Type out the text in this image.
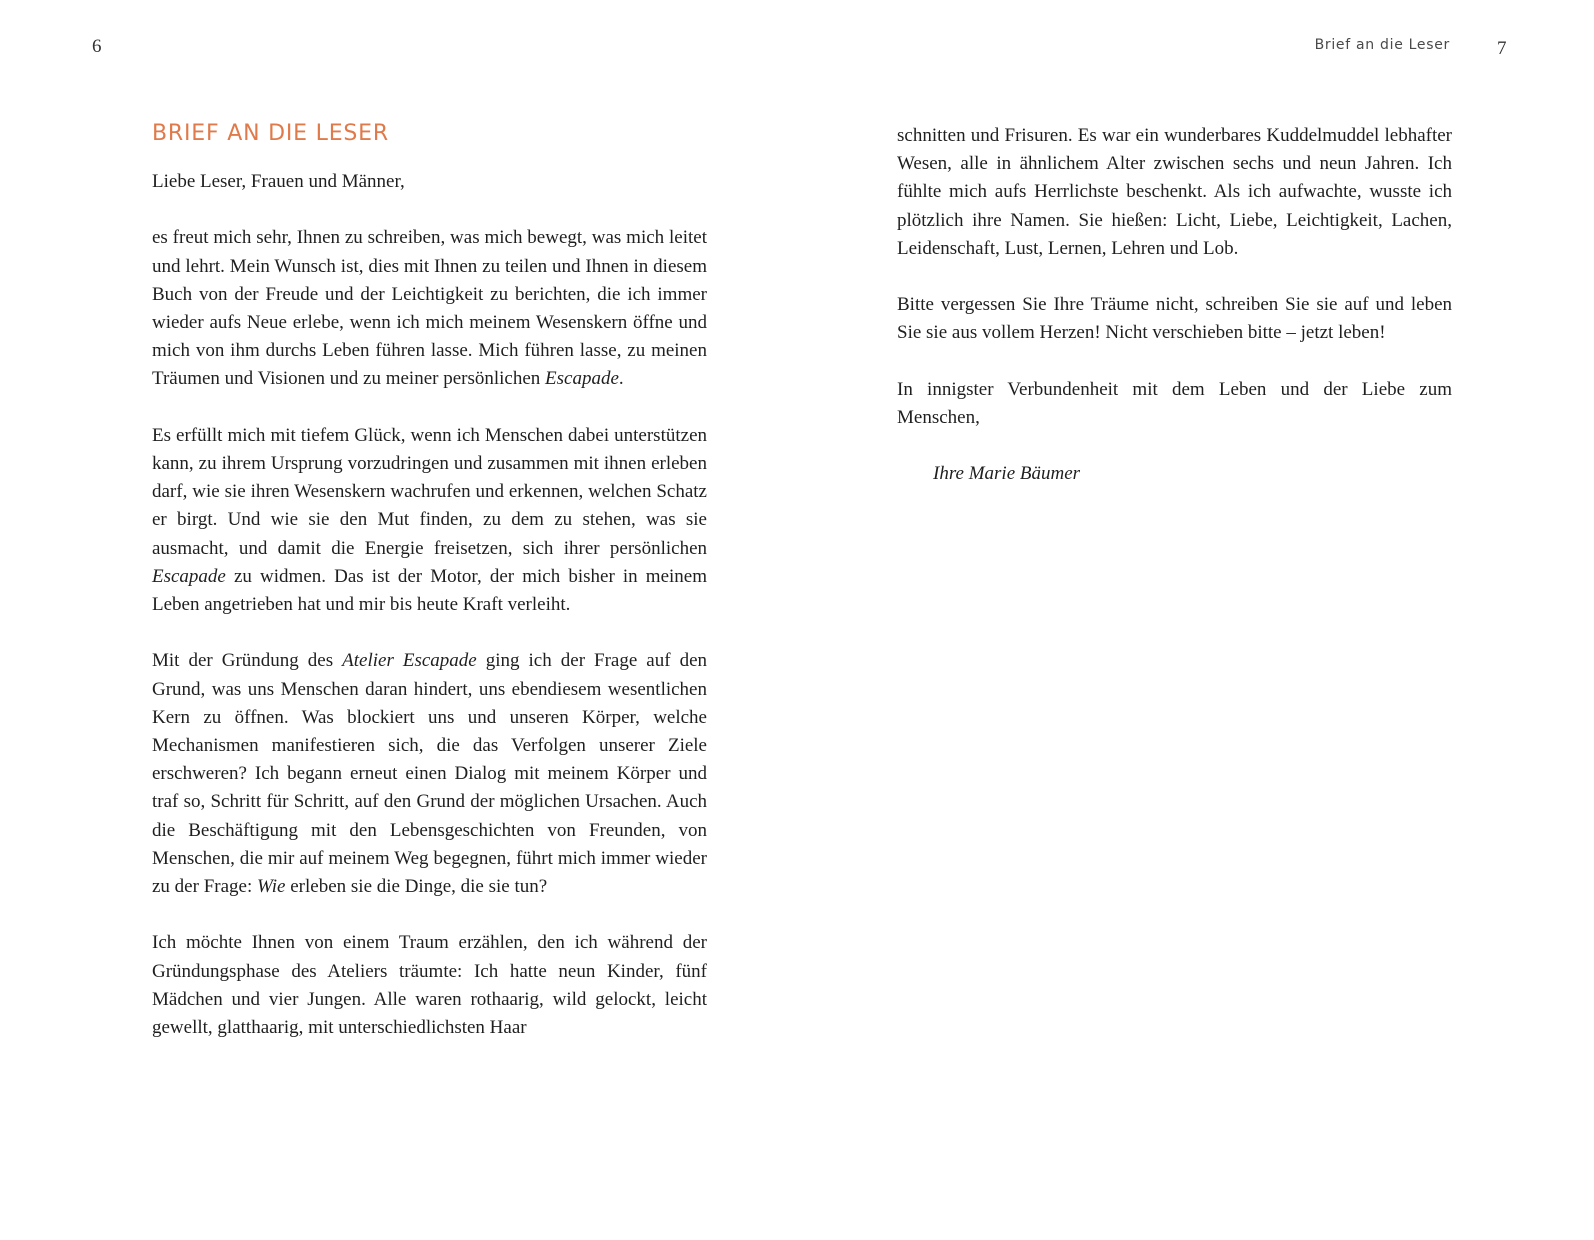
6	Brief an die Leser 7
BRIEF AN DIE LESER

Liebe Leser, Frauen und Männer,

es freut mich sehr, Ihnen zu schreiben, was mich bewegt, was mich leitet und lehrt. Mein Wunsch ist, dies mit Ihnen zu teilen und Ihnen in diesem Buch von der Freude und der Leichtigkeit zu berichten, die ich immer wieder aufs Neue erlebe, wenn ich mich meinem Wesenskern öffne und mich von ihm durchs Leben führen lasse. Mich führen lasse, zu meinen Träumen und Visionen und zu meiner persönlichen Escapade.

Es erfüllt mich mit tiefem Glück, wenn ich Menschen dabei unterstützen kann, zu ihrem Ursprung vorzudringen und zusammen mit ihnen erleben darf, wie sie ihren Wesenskern wachrufen und erkennen, welchen Schatz er birgt. Und wie sie den Mut finden, zu dem zu stehen, was sie ausmacht, und damit die Energie freisetzen, sich ihrer persönlichen Escapade zu widmen. Das ist der Motor, der mich bisher in meinem Leben angetrieben hat und mir bis heute Kraft verleiht.

Mit der Gründung des Atelier Escapade ging ich der Frage auf den Grund, was uns Menschen daran hindert, uns ebendiesem wesentlichen Kern zu öffnen. Was blockiert uns und unseren Körper, welche Mechanismen manifestieren sich, die das Verfolgen unserer Ziele erschweren? Ich begann erneut einen Dialog mit meinem Körper und traf so, Schritt für Schritt, auf den Grund der möglichen Ursachen. Auch die Beschäftigung mit den Lebensgeschichten von Freunden, von Menschen, die mir auf meinem Weg begegnen, führt mich immer wieder zu der Frage: Wie erleben sie die Dinge, die sie tun?

Ich möchte Ihnen von einem Traum erzählen, den ich während der Gründungsphase des Ateliers träumte: Ich hatte neun Kinder, fünf Mädchen und vier Jungen. Alle waren rothaarig, wild gelockt, leicht gewellt, glatthaarig, mit unterschiedlichsten Haar

schnitten und Frisuren. Es war ein wunderbares Kuddelmuddel lebhafter Wesen, alle in ähnlichem Alter zwischen sechs und neun Jahren. Ich fühlte mich aufs Herrlichste beschenkt. Als ich aufwachte, wusste ich plötzlich ihre Namen. Sie hießen: Licht, Liebe, Leichtigkeit, Lachen, Leidenschaft, Lust, Lernen, Lehren und Lob.

Bitte vergessen Sie Ihre Träume nicht, schreiben Sie sie auf und leben Sie sie aus vollem Herzen! Nicht verschieben bitte – jetzt leben!

In innigster Verbundenheit mit dem Leben und der Liebe zum Menschen,

Ihre Marie Bäumer
